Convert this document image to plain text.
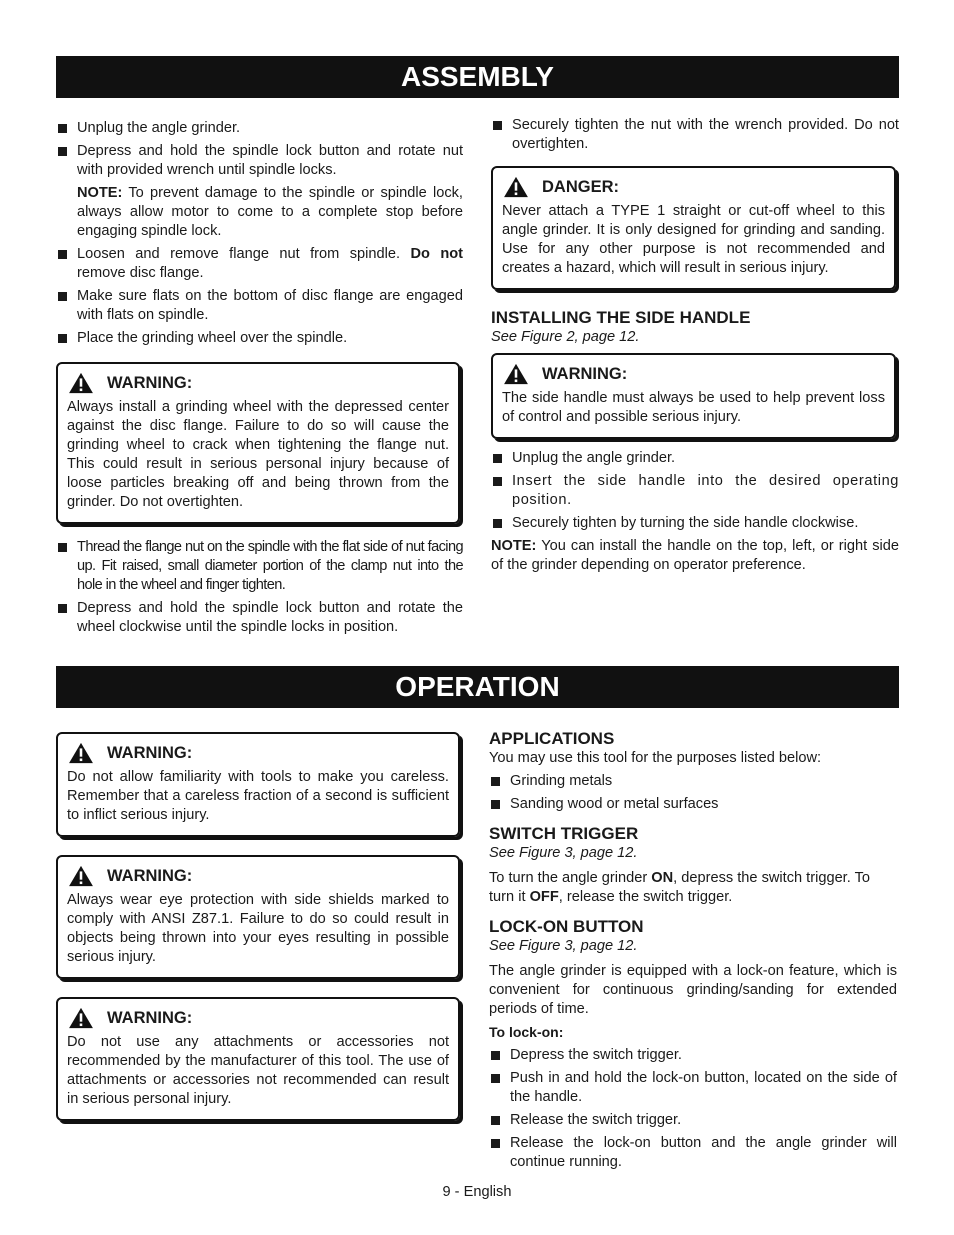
ASSEMBLY
Unplug the angle grinder.
Depress and hold the spindle lock button and rotate nut with provided wrench until spindle locks.
NOTE: To prevent damage to the spindle or spindle lock, always allow motor to come to a complete stop before engaging spindle lock.
Loosen and remove flange nut from spindle. Do not remove disc flange.
Make sure flats on the bottom of disc flange are engaged with flats on spindle.
Place the grinding wheel over the spindle.
WARNING:
Always install a grinding wheel with the depressed center against the disc flange. Failure to do so will cause the grinding wheel to crack when tightening the flange nut. This could result in serious personal injury because of loose particles breaking off and being thrown from the grinder. Do not overtighten.
Thread the flange nut on the spindle with the flat side of nut facing up. Fit raised, small diameter portion of the clamp nut into the hole in the wheel and finger tighten.
Depress and hold the spindle lock button and rotate the wheel clockwise until the spindle locks in position.
Securely tighten the nut with the wrench provided. Do not overtighten.
DANGER:
Never attach a TYPE 1 straight or cut-off wheel to this angle grinder. It is only designed for grinding and sanding. Use for any other purpose is not recommended and creates a hazard, which will result in serious injury.
INSTALLING THE SIDE HANDLE
See Figure 2, page 12.
WARNING:
The side handle must always be used to help prevent loss of control and possible serious injury.
Unplug the angle grinder.
Insert the side handle into the desired operating position.
Securely tighten by turning the side handle clockwise.
NOTE: You can install the handle on the top, left, or right side of the grinder depending on operator preference.
OPERATION
WARNING:
Do not allow familiarity with tools to make you careless. Remember that a careless fraction of a second is sufficient to inflict serious injury.
WARNING:
Always wear eye protection with side shields marked to comply with ANSI Z87.1. Failure to do so could result in objects being thrown into your eyes resulting in possible serious injury.
WARNING:
Do not use any attachments or accessories not recommended by the manufacturer of this tool. The use of attachments or accessories not recommended can result in serious personal injury.
APPLICATIONS
You may use this tool for the purposes listed below:
Grinding metals
Sanding wood or metal surfaces
SWITCH TRIGGER
See Figure 3, page 12.
To turn the angle grinder ON, depress the switch trigger. To turn it OFF, release the switch trigger.
LOCK-ON BUTTON
See Figure 3, page 12.
The angle grinder is equipped with a lock-on feature, which is convenient for continuous grinding/sanding for extended periods of time.
To lock-on:
Depress the switch trigger.
Push in and hold the lock-on button, located on the side of the handle.
Release the switch trigger.
Release the lock-on button and the angle grinder will continue running.
9 - English
